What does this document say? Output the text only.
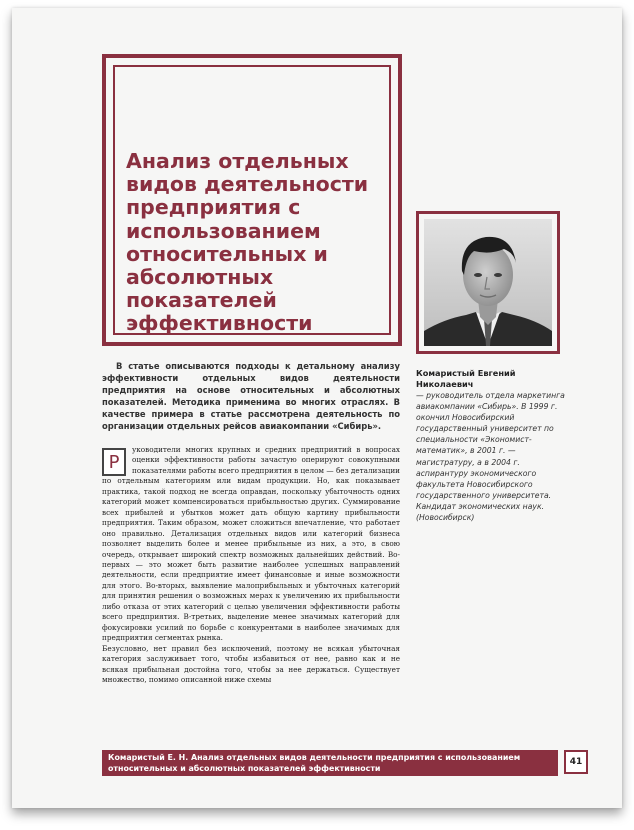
Анализ отдельных видов деятельности предприятия с использованием относительных и абсолютных показателей эффективности

В статье описываются подходы к детальному анализу эффективности отдельных видов деятельности предприятия на основе относительных и абсолютных показателей. Методика применима во многих отраслях. В качестве примера в статье рассмотрена деятельность по организации отдельных рейсов авиакомпании «Сибирь».

Р

уководители многих крупных и средних предприятий в вопросах оценки эффективности работы зачастую оперируют совокупными показателями работы всего предприятия в целом — без детализации по отдельным категориям или видам продукции. Но, как показывает практика, такой подход не всегда оправдан, поскольку убыточность одних категорий может компенсироваться прибыльностью других. Суммирование всех прибылей и убытков может дать общую картину прибыльности предприятия. Таким образом, может сложиться впечатление, что работает оно правильно. Детализация отдельных видов или категорий бизнеса позволяет выделить более и менее прибыльные из них, а это, в свою очередь, открывает широкий спектр возможных дальнейших действий. Во-первых — это может быть развитие наиболее успешных направлений деятельности, если предприятие имеет финансовые и иные возможности для этого. Во-вторых, выявление малоприбыльных и убыточных категорий для принятия решения о возможных мерах к увеличению их прибыльности либо отказа от этих категорий с целью увеличения эффективности работы всего предприятия. В-третьих, выделение менее значимых категорий для фокусировки усилий по борьбе с конкурентами в наиболее значимых для предприятия сегментах рынка.

Безусловно, нет правил без исключений, поэтому не всякая убыточная категория заслуживает того, чтобы избавиться от нее, равно как и не всякая прибыльная достойна того, чтобы за нее держаться. Существует множество, помимо описанной ниже схемы

Комаристый Евгений Николаевич

— руководитель отдела маркетинга авиакомпании «Сибирь». В 1999 г. окончил Новосибирский государственный университет по специальности «Экономист-математик», в 2001 г. — магистратуру, а в 2004 г. аспирантуру экономического факультета Новосибирского государственного университета. Кандидат экономических наук. (Новосибирск)

Комаристый Е. Н. Анализ отдельных видов деятельности предприятия с использованием относительных и абсолютных показателей эффективности
41
